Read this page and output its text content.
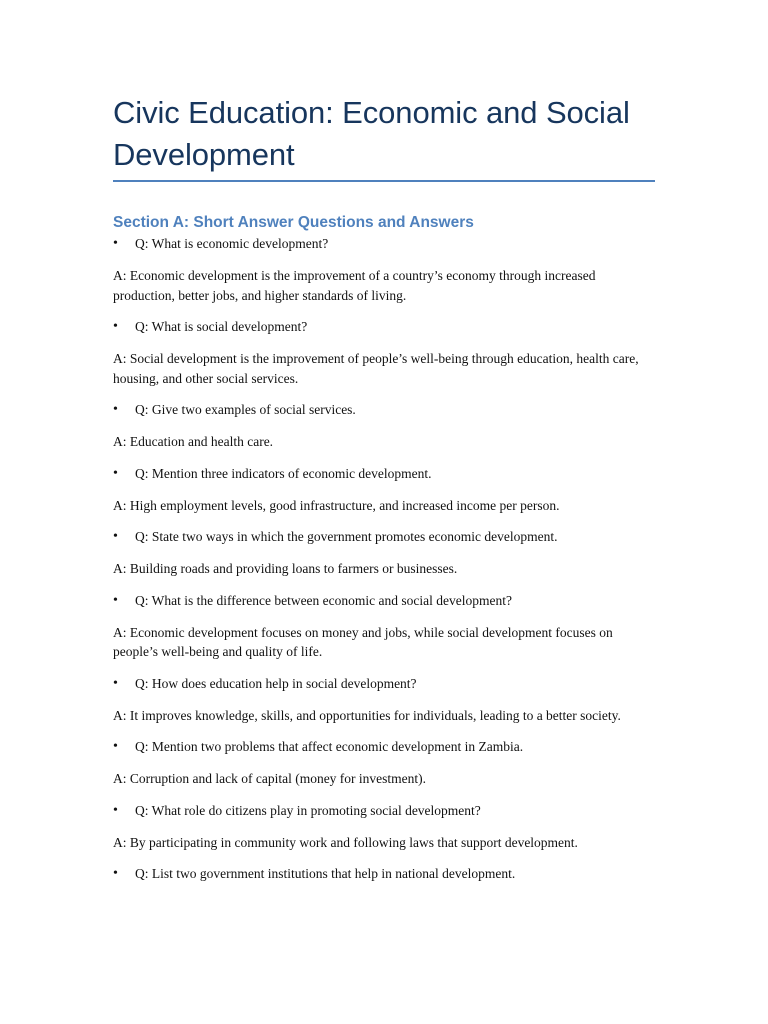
Civic Education: Economic and Social Development
Section A: Short Answer Questions and Answers
• Q: What is economic development?

A: Economic development is the improvement of a country’s economy through increased production, better jobs, and higher standards of living.

• Q: What is social development?

A: Social development is the improvement of people’s well-being through education, health care, housing, and other social services.

• Q: Give two examples of social services.

A: Education and health care.

• Q: Mention three indicators of economic development.

A: High employment levels, good infrastructure, and increased income per person.

• Q: State two ways in which the government promotes economic development.

A: Building roads and providing loans to farmers or businesses.

• Q: What is the difference between economic and social development?

A: Economic development focuses on money and jobs, while social development focuses on people’s well-being and quality of life.

• Q: How does education help in social development?

A: It improves knowledge, skills, and opportunities for individuals, leading to a better society.

• Q: Mention two problems that affect economic development in Zambia.

A: Corruption and lack of capital (money for investment).

• Q: What role do citizens play in promoting social development?

A: By participating in community work and following laws that support development.

• Q: List two government institutions that help in national development.
